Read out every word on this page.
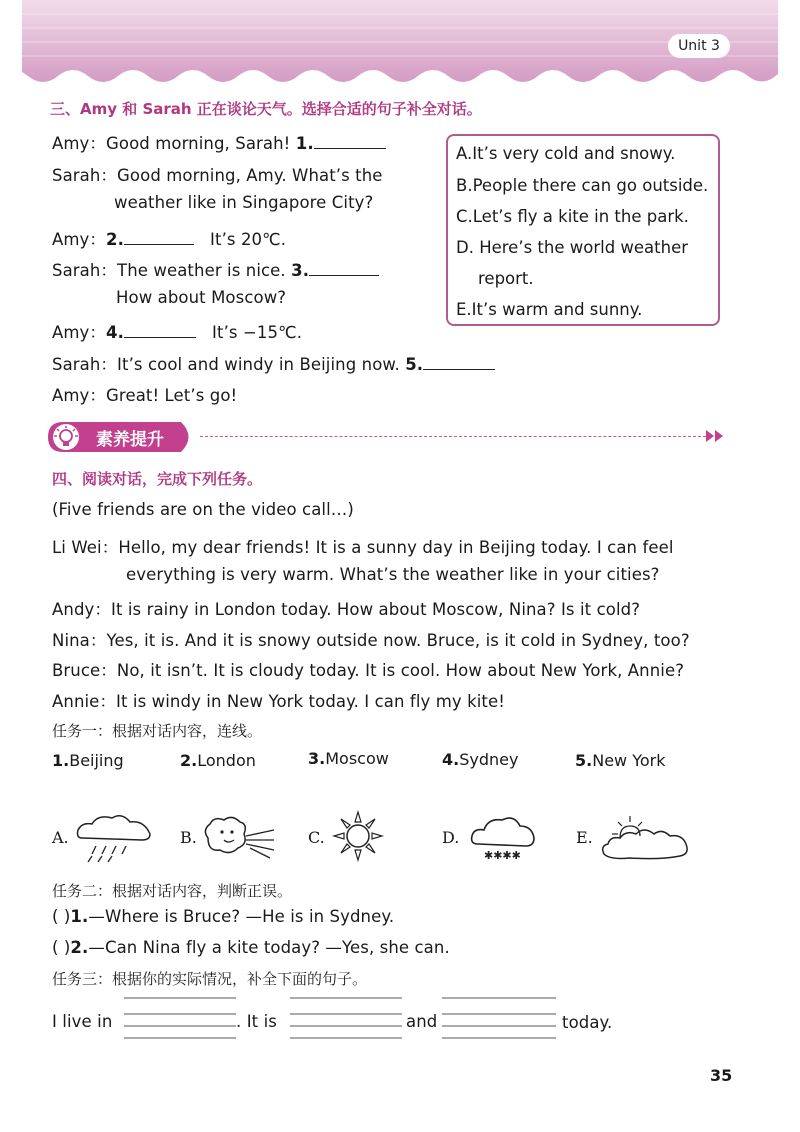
Unit 3
三、Amy 和 Sarah 正在谈论天气。选择合适的句子补全对话。
Amy：Good morning, Sarah! 1.
Sarah：Good morning, Amy. What’s the
weather like in Singapore City?
Amy：2.	It’s 20℃.
Sarah：The weather is nice. 3.
How about Moscow?
Amy：4.	It’s −15℃.
Sarah：It’s cool and windy in Beijing now. 5.
Amy：Great! Let’s go!
A.It’s very cold and snowy.
B.People there can go outside.
C.Let’s fly a kite in the park.
D. Here’s the world weather
report.
E.It’s warm and sunny.
素养提升
四、阅读对话，完成下列任务。
(Five friends are on the video call…)
Li Wei：Hello, my dear friends! It is a sunny day in Beijing today. I can feel
everything is very warm. What’s the weather like in your cities?
Andy：It is rainy in London today. How about Moscow, Nina? Is it cold?
Nina：Yes, it is. And it is snowy outside now. Bruce, is it cold in Sydney, too?
Bruce：No, it isn’t. It is cloudy today. It is cool. How about New York, Annie?
Annie：It is windy in New York today. I can fly my kite!
任务一：根据对话内容，连线。
1.Beijing	2.London	3.Moscow	4.Sydney	5.New York
A.	B.	C.	D.
✱✱✱✱
E.
任务二：根据对话内容，判断正误。
( )1.—Where is Bruce? —He is in Sydney.
( )2.—Can Nina fly a kite today? —Yes, she can.
任务三：根据你的实际情况，补全下面的句子。
I live in	. It is	and	today.
35
